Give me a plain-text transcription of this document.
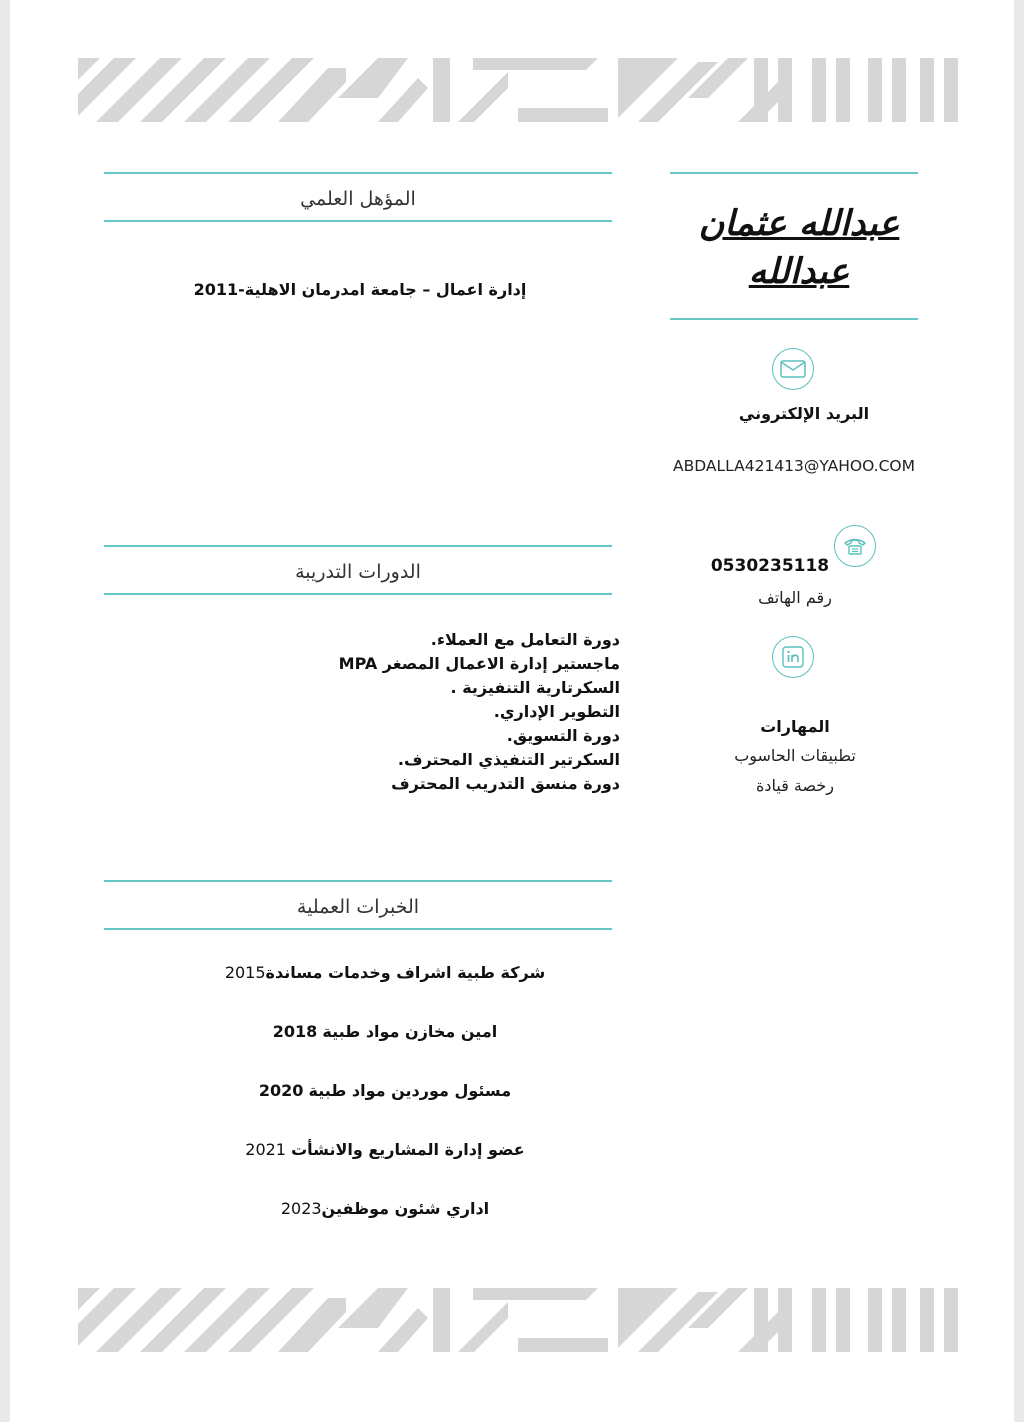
عبدالله عثمان عبدالله
البريد الإلكتروني
ABDALLA421413@YAHOO.COM
0530235118
رقم الهاتف
المهارات
تطبيقات الحاسوب
رخصة قيادة
المؤهل العلمي
إدارة اعمال – جامعة امدرمان الاهلية-2011
الدورات التدريبة
دورة التعامل مع العملاء.
ماجستير إدارة الاعمال المصغر MPA
السكرتارية التنفيزية .
التطوير الإداري.
دورة التسويق.
السكرتير التنفيذي المحترف.
دورة منسق التدريب المحترف
الخبرات العملية
شركة طبية اشراف وخدمات مساندة2015
امين مخازن مواد طبية 2018
مسئول موردين مواد طبية 2020
عضو إدارة المشاريع والانشأت 2021
اداري شئون موظفين2023
